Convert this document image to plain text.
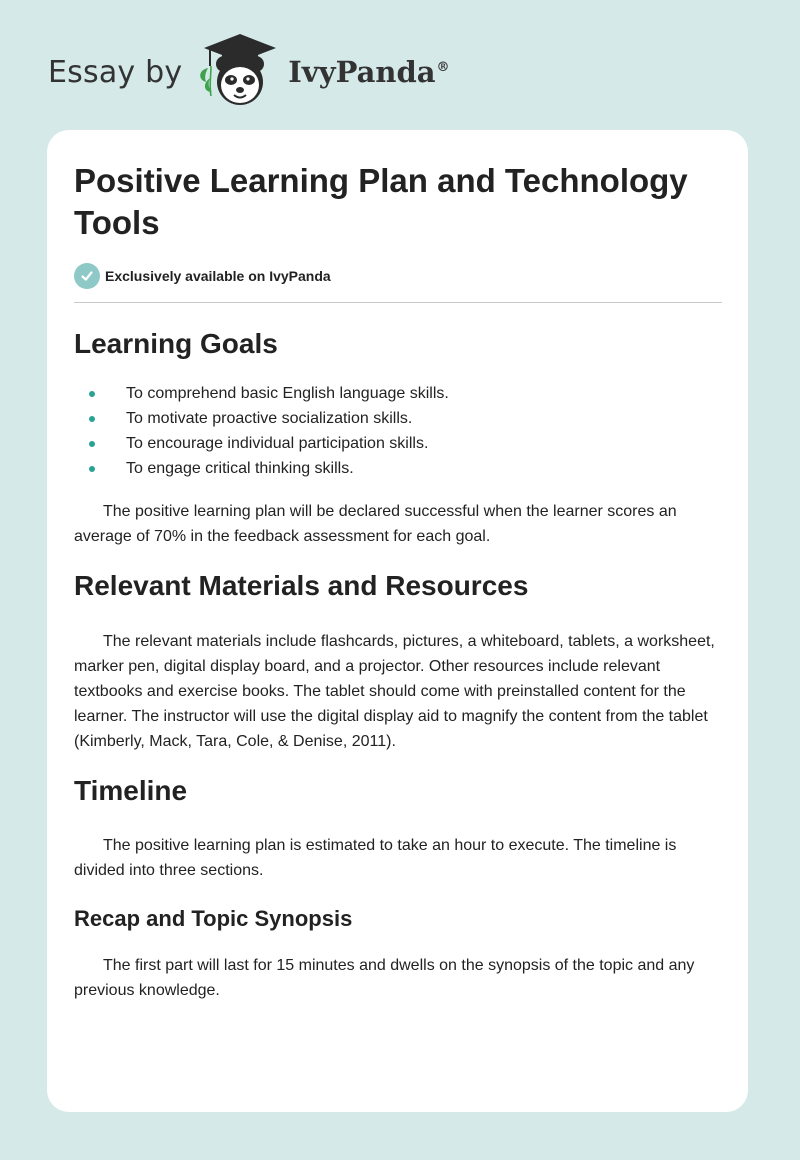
Essay by	IvyPanda®
Positive Learning Plan and Technology Tools
Exclusively available on IvyPanda
Learning Goals
To comprehend basic English language skills.
To motivate proactive socialization skills.
To encourage individual participation skills.
To engage critical thinking skills.

The positive learning plan will be declared successful when the learner scores an average of 70% in the feedback assessment for each goal.

Relevant Materials and Resources

The relevant materials include flashcards, pictures, a whiteboard, tablets, a worksheet, marker pen, digital display board, and a projector. Other resources include relevant textbooks and exercise books. The tablet should come with preinstalled content for the learner. The instructor will use the digital display aid to magnify the content from the tablet (Kimberly, Mack, Tara, Cole, & Denise, 2011).

Timeline

The positive learning plan is estimated to take an hour to execute. The timeline is divided into three sections.

Recap and Topic Synopsis

The first part will last for 15 minutes and dwells on the synopsis of the topic and any previous knowledge.
